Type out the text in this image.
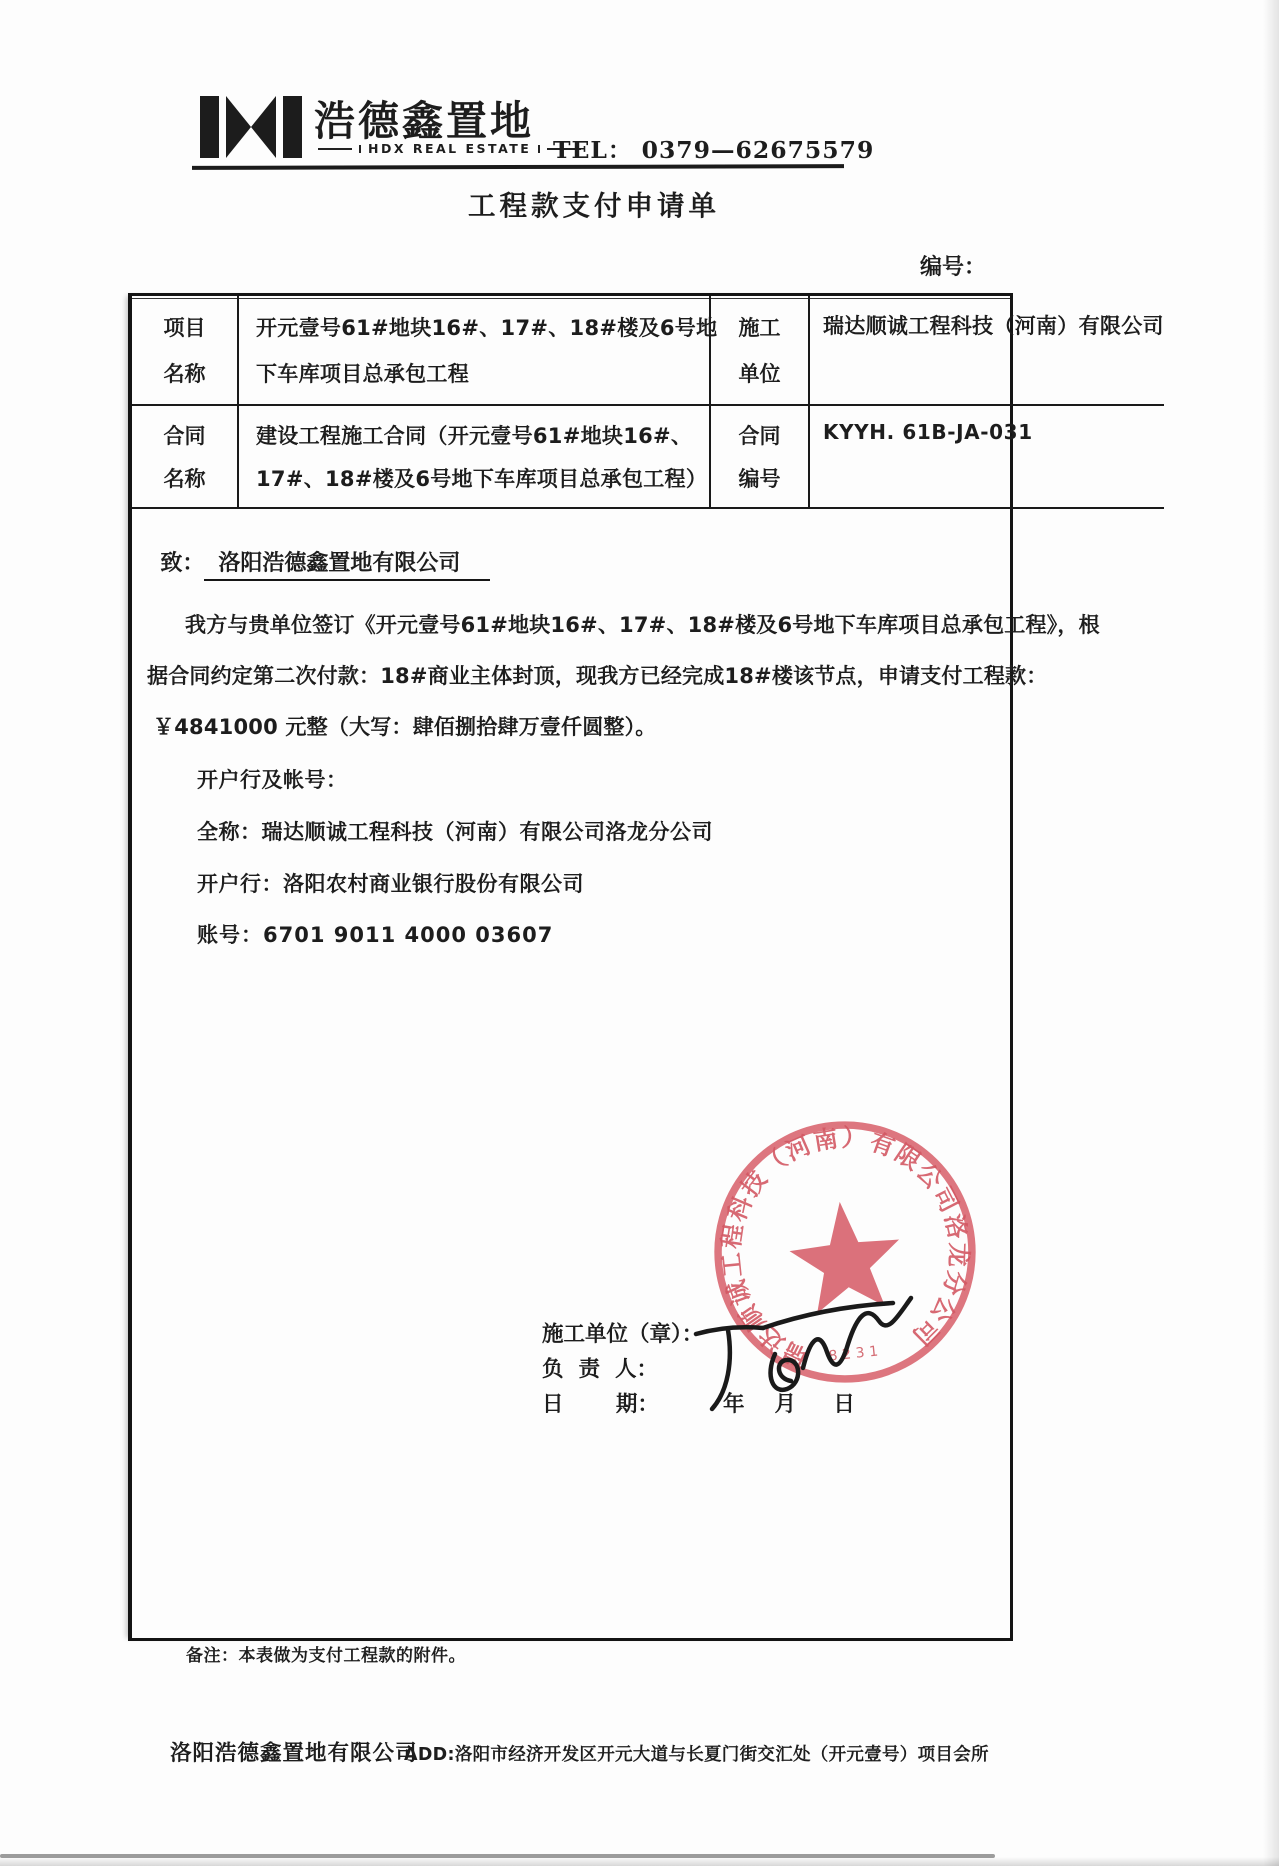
浩德鑫置地
HDX REAL ESTATE TEL： 0379—62675579
工程款支付申请单
编号：
项目
名称
开元壹号61#地块16#、17#、18#楼及6号地
下车库项目总承包工程
施工
单位
瑞达顺诚工程科技（河南）有限公司
合同
名称
建设工程施工合同（开元壹号61#地块16#、
17#、18#楼及6号地下车库项目总承包工程）
合同
编号
KYYH. 61B-JA-031

致： 洛阳浩德鑫置地有限公司

我方与贵单位签订《开元壹号61#地块16#、17#、18#楼及6号地下车库项目总承包工程》，根
据合同约定第二次付款：18#商业主体封顶，现我方已经完成18#楼该节点，申请支付工程款：
￥4841000 元整（大写：肆佰捌拾肆万壹仟圆整）。
开户行及帐号：
全称：瑞达顺诚工程科技（河南）有限公司洛龙分公司
开户行：洛阳农村商业银行股份有限公司
账号：6701 9011 4000 03607
瑞达顺诚工程科技（河南）有限公司洛龙分公司
8231
施工单位（章）：
负  责  人：
日       期：	年    月     日
备注：本表做为支付工程款的附件。
洛阳浩德鑫置地有限公司
ADD:洛阳市经济开发区开元大道与长夏门街交汇处（开元壹号）项目会所
